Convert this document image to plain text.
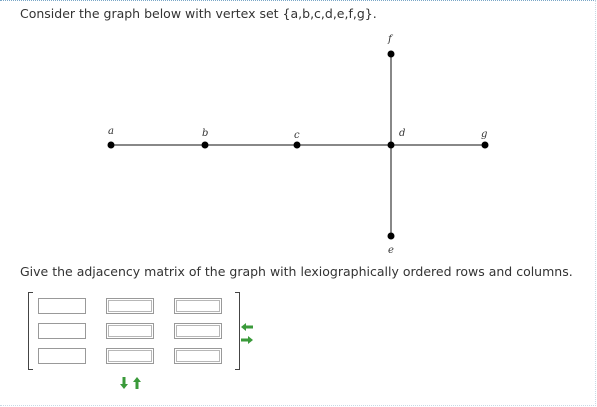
Consider the graph below with vertex set {a,b,c,d,e,f,g}.
a	b	c	d	g
f
e
Give the adjacency matrix of the graph with lexiographically ordered rows and columns.
